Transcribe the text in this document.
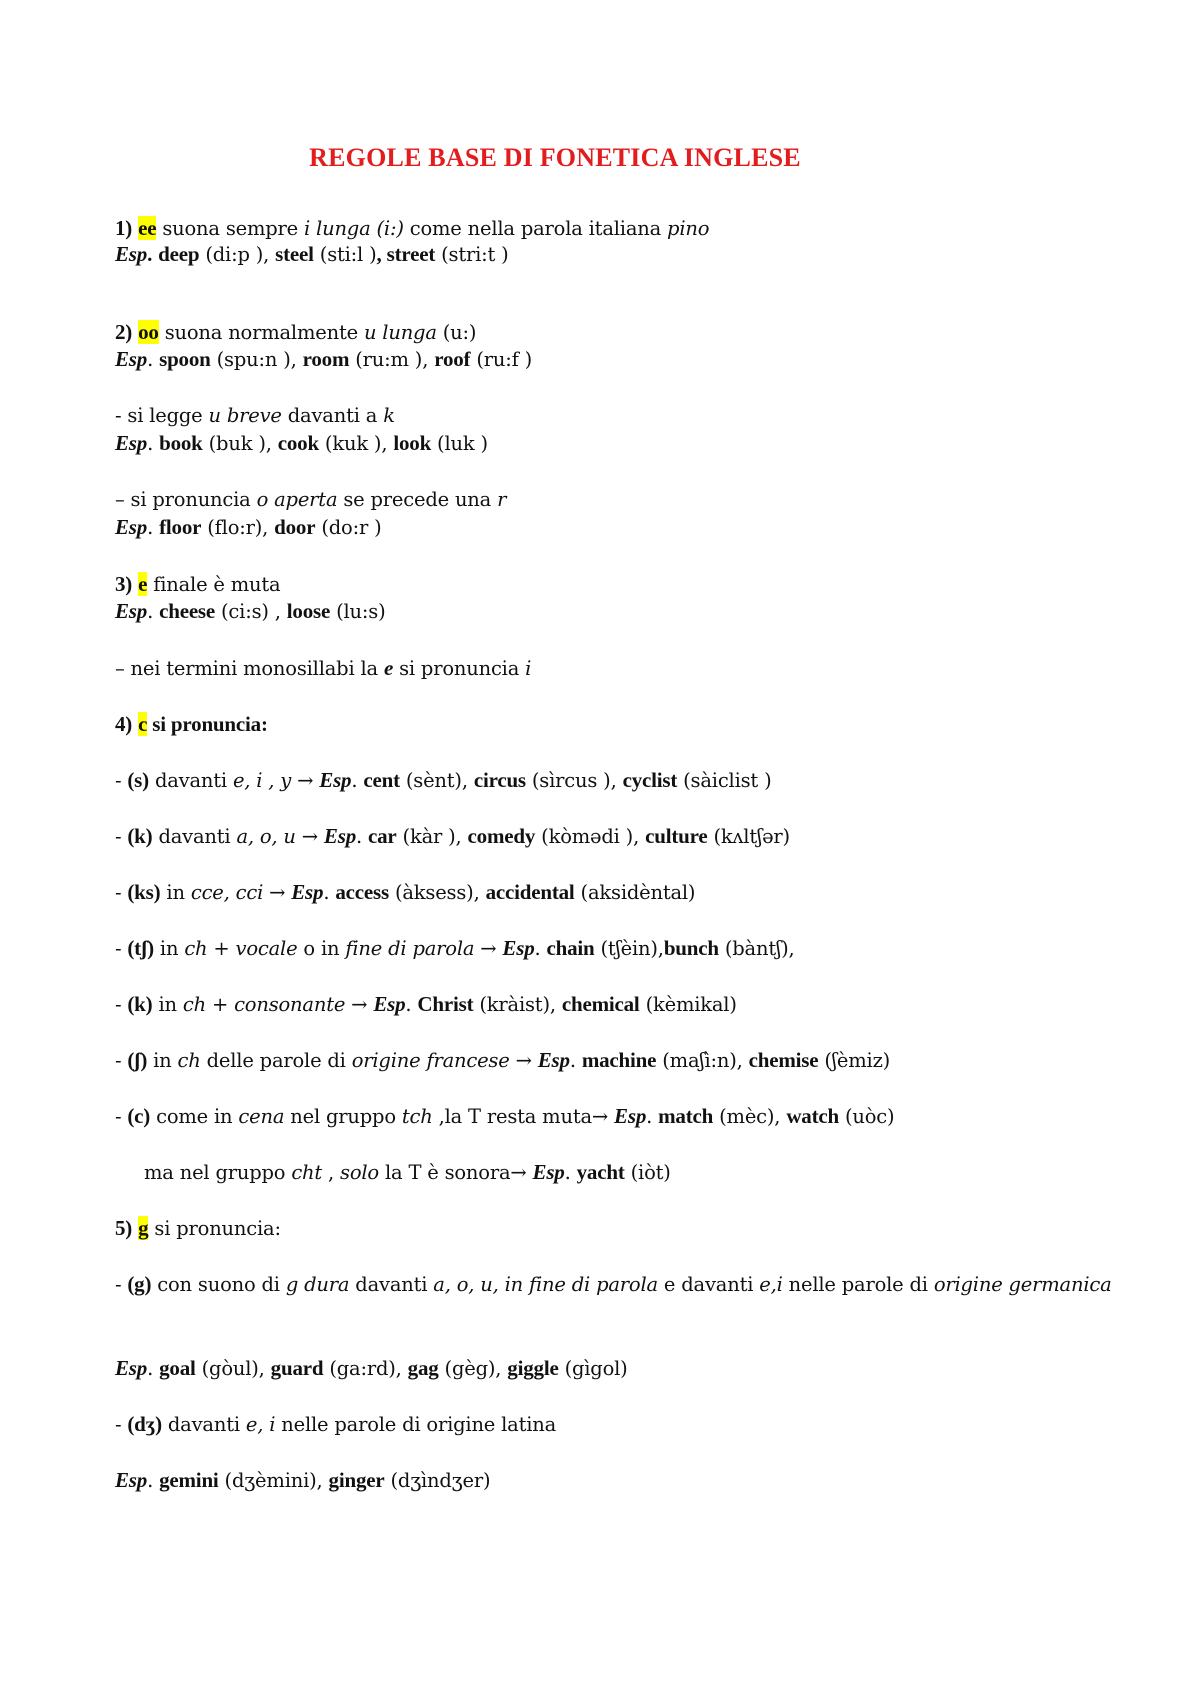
REGOLE BASE DI FONETICA INGLESE
1) ee suona sempre i lunga (i:) come nella parola italiana pino
Esp. deep (di:p ), steel (sti:l ), street (stri:t )
2) oo suona normalmente u lunga (u:)
Esp. spoon (spu:n ), room (ru:m ), roof (ru:f )
- si legge u breve davanti a k
Esp. book (buk ), cook (kuk ), look (luk )
– si pronuncia o aperta se precede una r
Esp. floor (flo:r), door (do:r )
3) e finale è muta
Esp. cheese (ci:s) , loose (lu:s)
– nei termini monosillabi la e si pronuncia i
4) c si pronuncia:
- (s) davanti e, i , y → Esp. cent (sènt), circus (sìrcus ), cyclist (sàiclist )
- (k) davanti a, o, u → Esp. car (kàr ), comedy (kòmədi ), culture (kʌltʃər)
- (ks) in cce, cci → Esp. access (àksess), accidental (aksidèntal)
- (tʃ) in ch + vocale o in fine di parola → Esp. chain (tʃèin),bunch (bàntʃ),
- (k) in ch + consonante → Esp. Christ (kràist), chemical (kèmikal)
- (ʃ) in ch delle parole di origine francese → Esp. machine (maʃì:n), chemise (ʃèmiz)
- (c) come in cena nel gruppo tch ,la T resta muta→ Esp. match (mèc), watch (uòc)
ma nel gruppo cht , solo la T è sonora→ Esp. yacht (iòt)
5) g si pronuncia:
- (g) con suono di g dura davanti a, o, u, in fine di parola e davanti e,i nelle parole di origine germanica
Esp. goal (gòul), guard (ga:rd), gag (gèg), giggle (gìgol)
- (dʒ) davanti e, i nelle parole di origine latina
Esp. gemini (dʒèmini), ginger (dʒìndʒer)
